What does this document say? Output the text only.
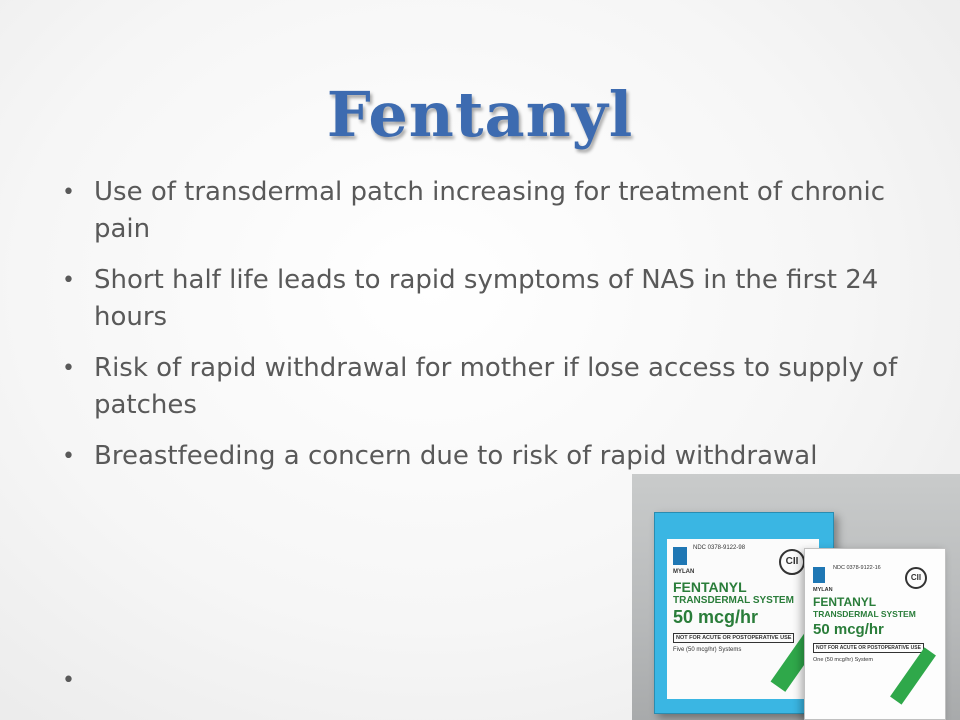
Fentanyl
• Use of transdermal patch increasing for treatment of chronic pain
• Short half life leads to rapid symptoms of NAS in the first 24 hours
• Risk of rapid withdrawal for mother if lose access to supply of patches
• Breastfeeding a concern due to risk of rapid withdrawal
•
NDC 0378-9122-98
MYLAN
CII
FENTANYL
TRANSDERMAL SYSTEM
50 mcg/hr
NOT FOR ACUTE OR POSTOPERATIVE USE
Five (50 mcg/hr) Systems
NDC 0378-9122-16
MYLAN
CII
FENTANYL
TRANSDERMAL SYSTEM
50 mcg/hr
NOT FOR ACUTE OR POSTOPERATIVE USE
One (50 mcg/hr) System
